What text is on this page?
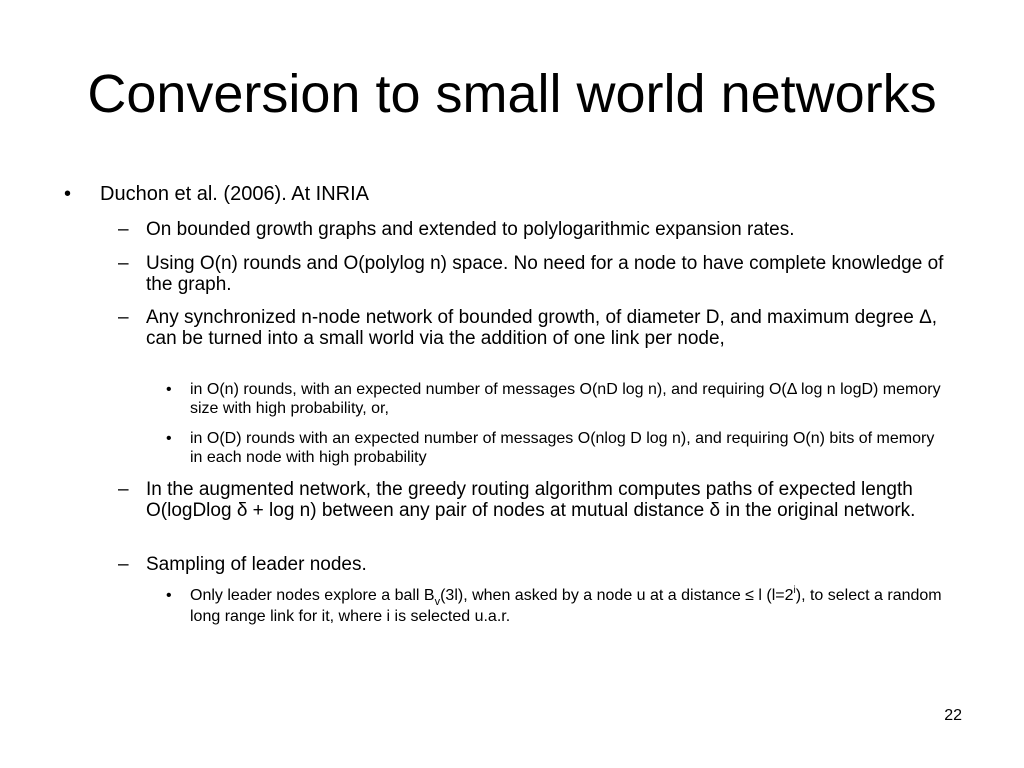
Conversion to small world networks
• Duchon et al. (2006). At INRIA
– On bounded growth graphs and extended to polylogarithmic expansion rates.
– Using O(n) rounds and O(polylog n) space. No need for a node to have complete knowledge of the graph.
– Any synchronized n-node network of bounded growth, of diameter D, and maximum degree Δ, can be turned into a small world via the addition of one link per node,
• in O(n) rounds, with an expected number of messages O(nD log n), and requiring O(Δ log n logD) memory size with high probability, or,
• in O(D) rounds with an expected number of messages O(nlog D log n), and requiring O(n) bits of memory in each node with high probability
– In the augmented network, the greedy routing algorithm computes paths of expected length O(logDlog δ + log n) between any pair of nodes at mutual distance δ in the original network.
– Sampling of leader nodes.
• Only leader nodes explore a ball $B_v(3l)$, when asked by a node u at a distance ≤ l $(l=2^i)$, to select a random long range link for it, where i is selected u.a.r.
22
